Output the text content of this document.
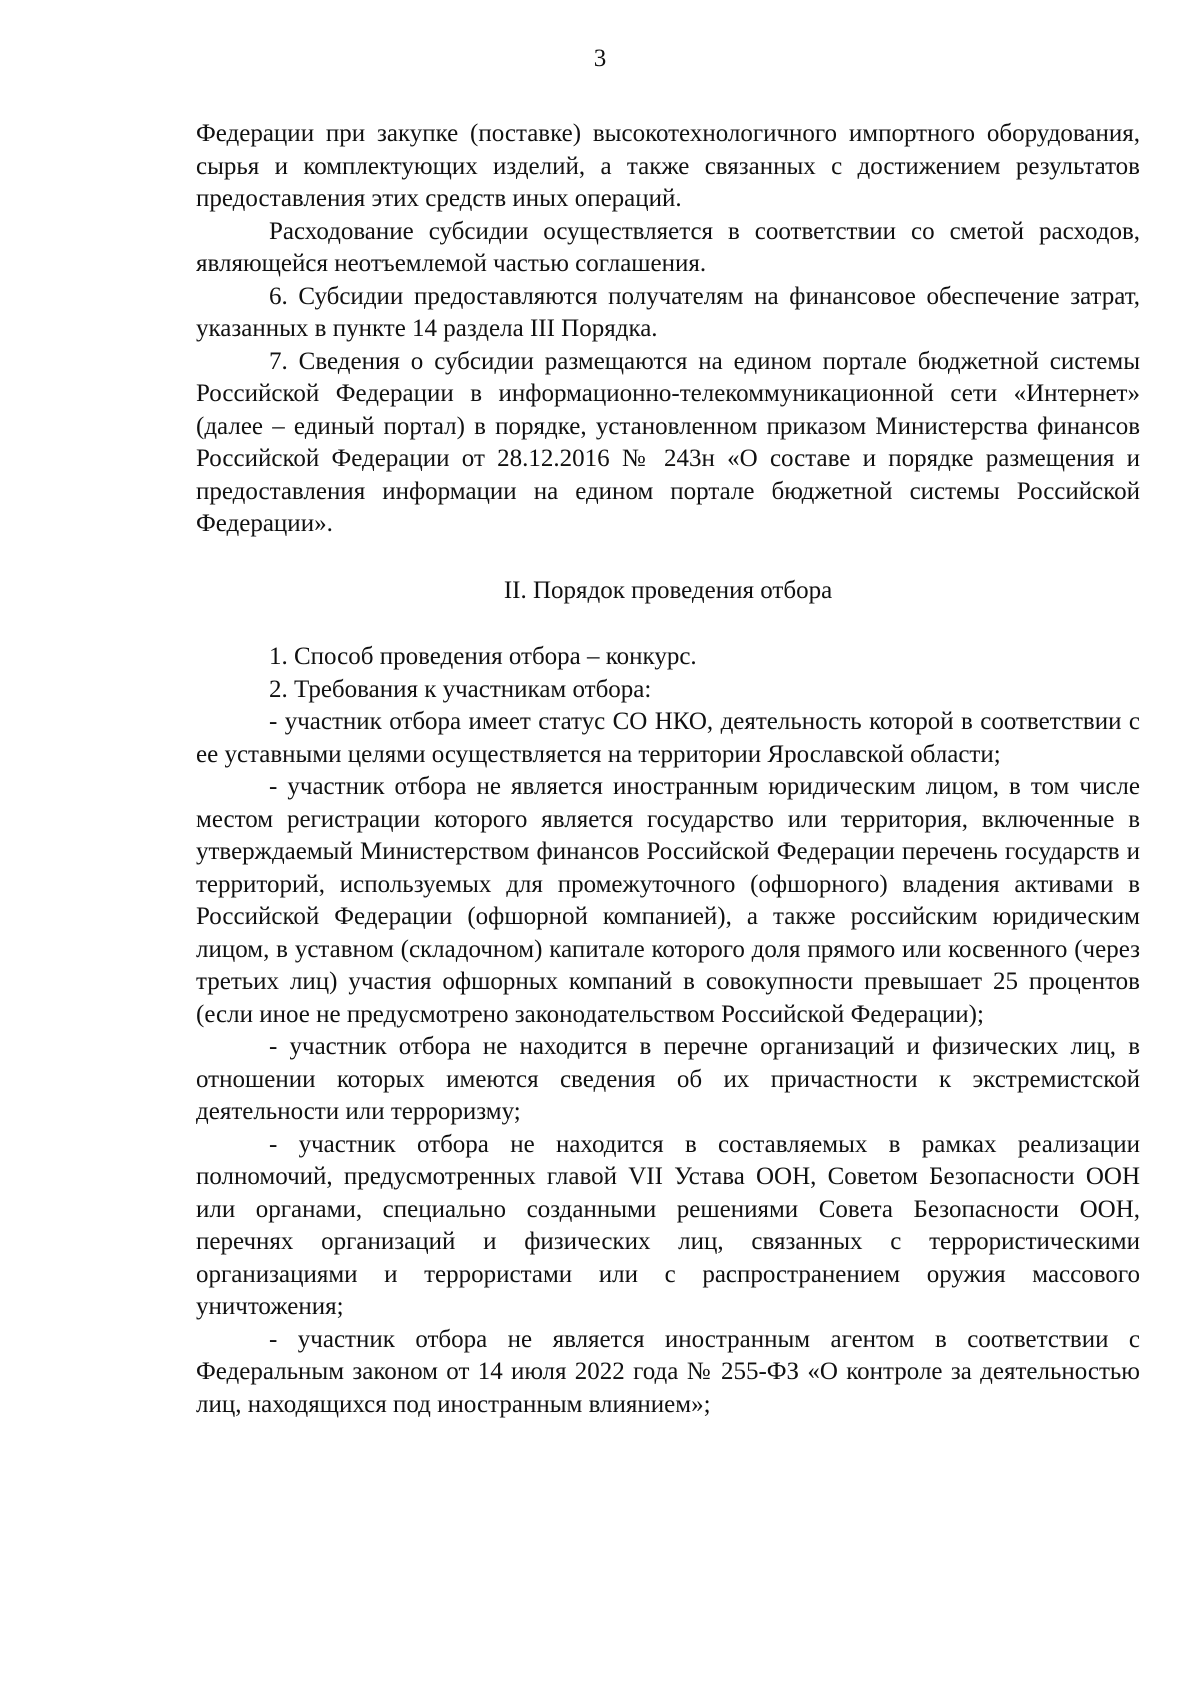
3

Федерации при закупке (поставке) высокотехнологичного импортного оборудования, сырья и комплектующих изделий, а также связанных с достижением результатов предоставления этих средств иных операций.

Расходование субсидии осуществляется в соответствии со сметой расходов, являющейся неотъемлемой частью соглашения.

6. Субсидии предоставляются получателям на финансовое обеспечение затрат, указанных в пункте 14 раздела III Порядка.

7. Сведения о субсидии размещаются на едином портале бюджетной системы Российской Федерации в информационно-телекоммуникационной сети «Интернет» (далее – единый портал) в порядке, установленном приказом Министерства финансов Российской Федерации от 28.12.2016 № 243н «О составе и порядке размещения и предоставления информации на едином портале бюджетной системы Российской Федерации».

II. Порядок проведения отбора

1. Способ проведения отбора – конкурс.

2. Требования к участникам отбора:

- участник отбора имеет статус СО НКО, деятельность которой в соответствии с ее уставными целями осуществляется на территории Ярославской области;

- участник отбора не является иностранным юридическим лицом, в том числе местом регистрации которого является государство или территория, включенные в утверждаемый Министерством финансов Российской Федерации перечень государств и территорий, используемых для промежуточного (офшорного) владения активами в Российской Федерации (офшорной компанией), а также российским юридическим лицом, в уставном (складочном) капитале которого доля прямого или косвенного (через третьих лиц) участия офшорных компаний в совокупности превышает 25 процентов (если иное не предусмотрено законодательством Российской Федерации);

- участник отбора не находится в перечне организаций и физических лиц, в отношении которых имеются сведения об их причастности к экстремистской деятельности или терроризму;

- участник отбора не находится в составляемых в рамках реализации полномочий, предусмотренных главой VII Устава ООН, Советом Безопасности ООН или органами, специально созданными решениями Совета Безопасности ООН, перечнях организаций и физических лиц, связанных с террористическими организациями и террористами или с распространением оружия массового уничтожения;

- участник отбора не является иностранным агентом в соответствии с Федеральным законом от 14 июля 2022 года № 255-ФЗ «О контроле за деятельностью лиц, находящихся под иностранным влиянием»;
